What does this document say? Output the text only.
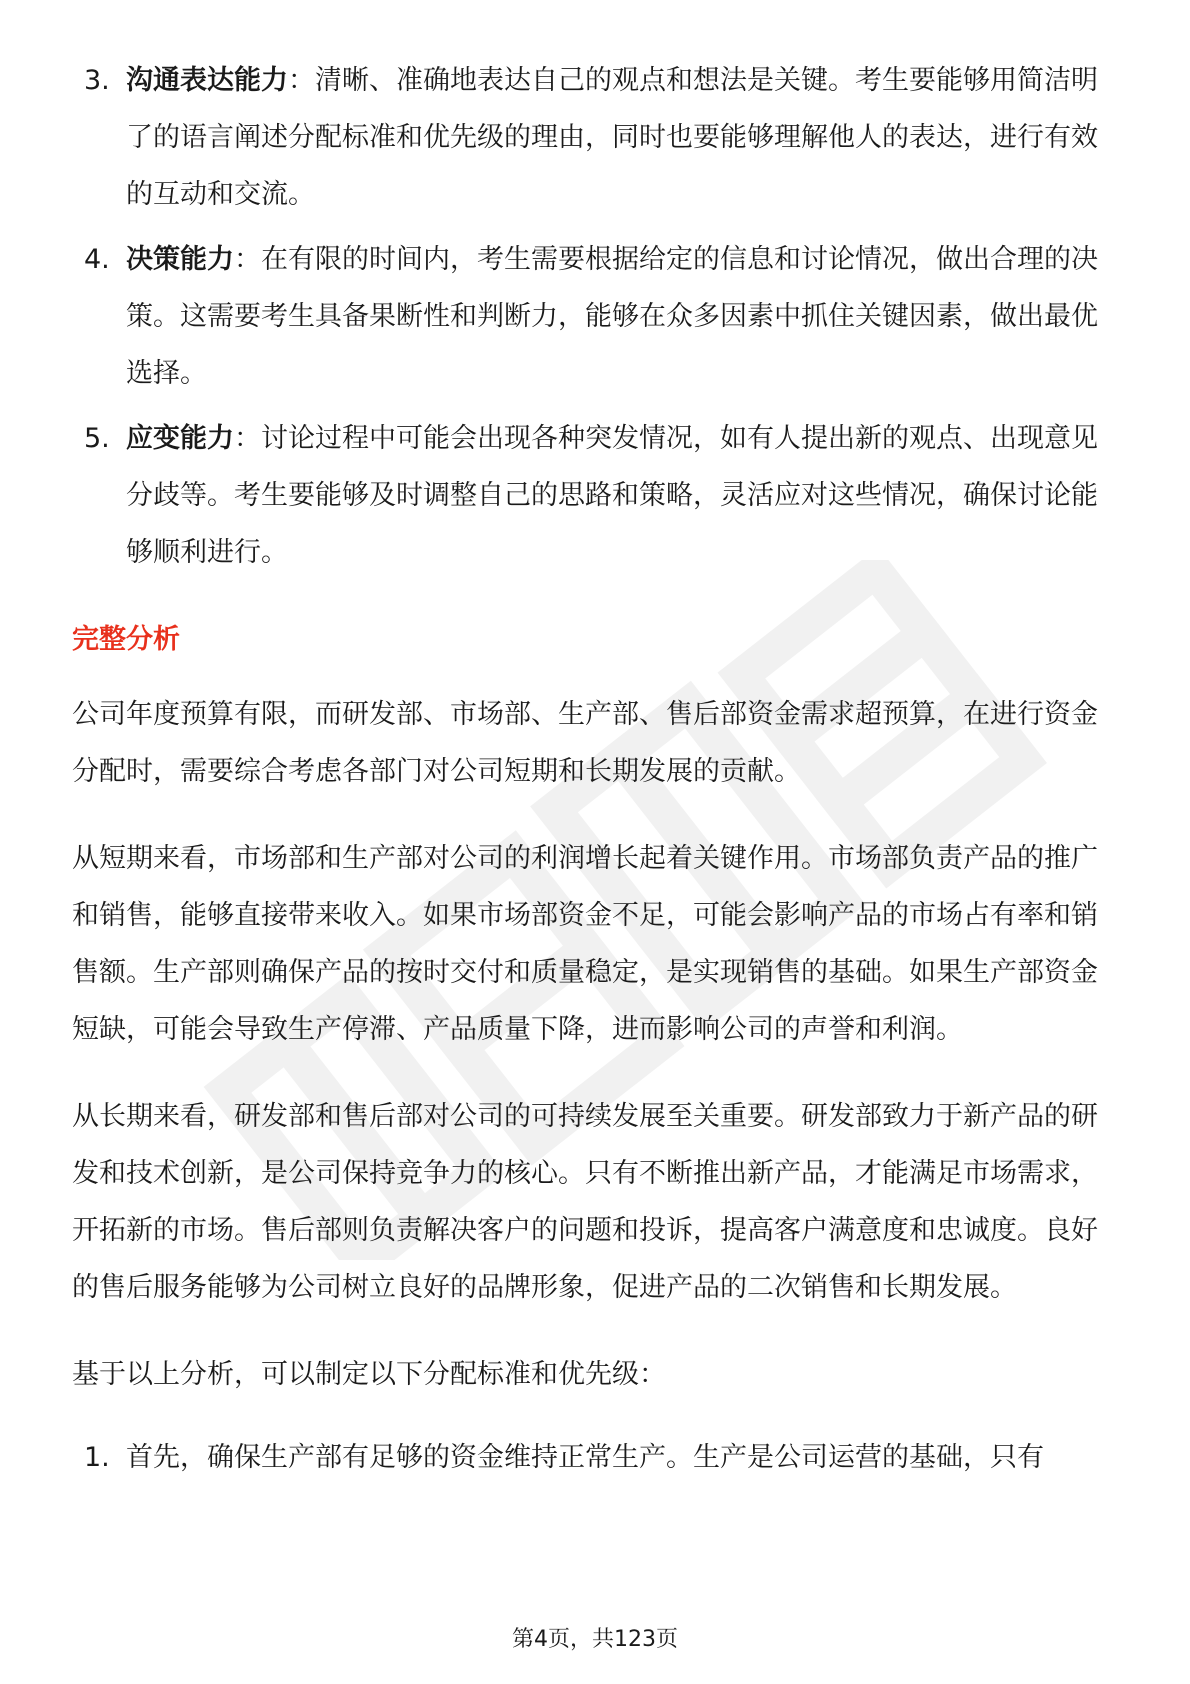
3. 沟通表达能力：清晰、准确地表达自己的观点和想法是关键。考生要能够用简洁明了的语言阐述分配标准和优先级的理由，同时也要能够理解他人的表达，进行有效的互动和交流。
4. 决策能力：在有限的时间内，考生需要根据给定的信息和讨论情况，做出合理的决策。这需要考生具备果断性和判断力，能够在众多因素中抓住关键因素，做出最优选择。
5. 应变能力：讨论过程中可能会出现各种突发情况，如有人提出新的观点、出现意见分歧等。考生要能够及时调整自己的思路和策略，灵活应对这些情况，确保讨论能够顺利进行。
完整分析

公司年度预算有限，而研发部、市场部、生产部、售后部资金需求超预算，在进行资金分配时，需要综合考虑各部门对公司短期和长期发展的贡献。

从短期来看，市场部和生产部对公司的利润增长起着关键作用。市场部负责产品的推广和销售，能够直接带来收入。如果市场部资金不足，可能会影响产品的市场占有率和销售额。生产部则确保产品的按时交付和质量稳定，是实现销售的基础。如果生产部资金短缺，可能会导致生产停滞、产品质量下降，进而影响公司的声誉和利润。

从长期来看，研发部和售后部对公司的可持续发展至关重要。研发部致力于新产品的研发和技术创新，是公司保持竞争力的核心。只有不断推出新产品，才能满足市场需求，开拓新的市场。售后部则负责解决客户的问题和投诉，提高客户满意度和忠诚度。良好的售后服务能够为公司树立良好的品牌形象，促进产品的二次销售和长期发展。

基于以上分析，可以制定以下分配标准和优先级：

1. 首先，确保生产部有足够的资金维持正常生产。生产是公司运营的基础，只有
第4页，共123页
